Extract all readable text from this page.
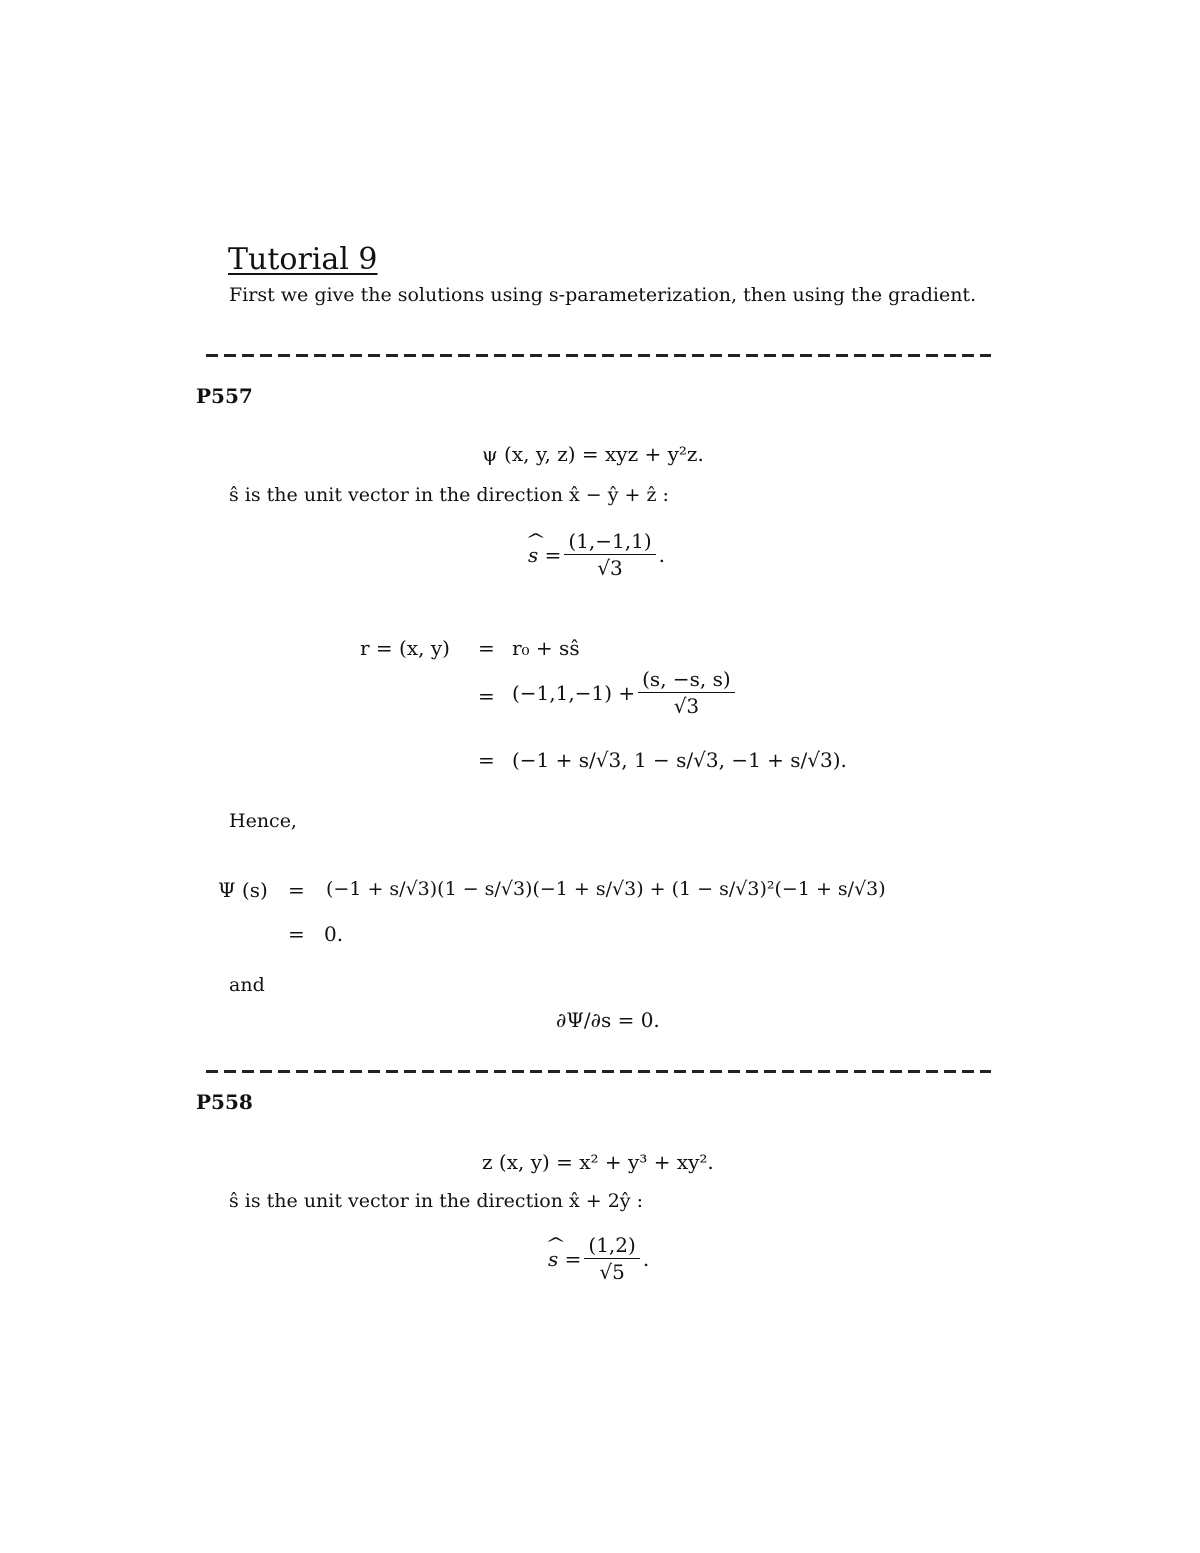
Tutorial 9
First we give the solutions using s-parameterization, then using the gradient.
P557
ψ (x, y, z) = xyz + y²z.
ŝ is the unit vector in the direction x̂ − ŷ + ẑ :
^ $s = \frac{(1,-1,1)}{√3}$ .
r = (x, y) = r₀ + sŝ
= $(-1,1,-1) + \frac{(s, -s, s)}{√3}$
= (−1 + s/√3, 1 − s/√3, −1 + s/√3).
Hence,
Ψ (s) = (−1 + s/√3)(1 − s/√3)(−1 + s/√3) + (1 − s/√3)²(−1 + s/√3)
= 0.
and
∂Ψ/∂s = 0.
P558
z (x, y) = x² + y³ + xy².
ŝ is the unit vector in the direction x̂ + 2ŷ :
^ $s = \frac{(1,2)}{√5}$ .
